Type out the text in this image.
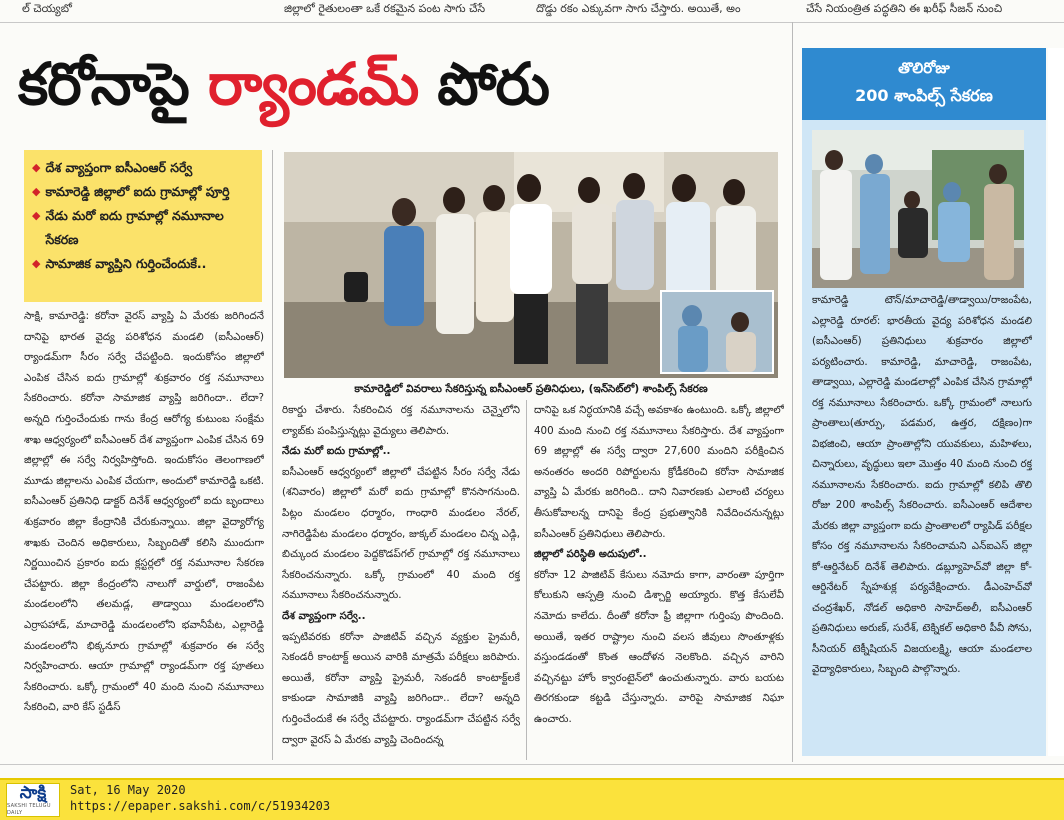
ల్ చెయ్యబో	జిల్లాలో రైతులంతా ఒకే రకమైన పంట సాగు చేసే	దొడ్డు రకం ఎక్కువగా సాగు చేస్తారు. అయితే, అం	చేసే నియంత్రిత పద్ధతిని ఈ ఖరీఫ్ సీజన్ నుంచి
కరోనాపై ర్యాండమ్ పోరు
◆ దేశ వ్యాప్తంగా ఐసీఎంఆర్ సర్వే
◆ కామారెడ్డి జిల్లాలో ఐదు గ్రామాల్లో పూర్తి
◆ నేడు మరో ఐదు గ్రామాల్లో నమూనాల సేకరణ
◆ సామాజిక వ్యాప్తిని గుర్తించేందుకే..
కామారెడ్డిలో వివరాలు సేకరిస్తున్న ఐసీఎంఆర్ ప్రతినిధులు, (ఇన్‌సెట్‌లో) శాంపిల్స్ సేకరణ

సాక్షి, కామారెడ్డి: కరోనా వైరస్ వ్యాప్తి ఏ మేరకు జరిగిందనే దానిపై భారత వైద్య పరిశోధన మండలి (ఐసీఎంఆర్) ర్యాండమ్‌గా సీరం సర్వే చేపట్టింది. ఇందుకోసం జిల్లాలో ఎంపిక చేసిన ఐదు గ్రామాల్లో శుక్రవారం రక్త నమూనాలు సేకరించారు. కరోనా సామాజిక వ్యాప్తి జరిగిందా.. లేదా? అన్నది గుర్తించేందుకు గాను కేంద్ర ఆరోగ్య కుటుంబ సంక్షేమ శాఖ ఆధ్వర్యంలో ఐసీఎంఆర్ దేశ వ్యాప్తంగా ఎంపిక చేసిన 69 జిల్లాల్లో ఈ సర్వే నిర్వహిస్తోంది. ఇందుకోసం తెలంగాణలో మూడు జిల్లాలను ఎంపిక చేయగా, అందులో కామారెడ్డి ఒకటి. ఐసీఎంఆర్ ప్రతినిధి డాక్టర్ దినేశ్ ఆధ్వర్యంలో ఐదు బృందాలు శుక్రవారం జిల్లా కేంద్రానికి చేరుకున్నాయి. జిల్లా వైద్యారోగ్య శాఖకు చెందిన అధికారులు, సిబ్బందితో కలిసి ముందుగా నిర్ణయించిన ప్రకారం ఐదు క్లస్టర్లలో రక్త నమూనాల సేకరణ చేపట్టారు. జిల్లా కేంద్రంలోని నాలుగో వార్డులో, రాజంపేట మండలంలోని తలమడ్ల, తాడ్వాయి మండలంలోని ఎర్రాపహాడ్, మాచారెడ్డి మండలంలోని భవానీపేట, ఎల్లారెడ్డి మండలంలోని భిక్కనూరు గ్రామాల్లో శుక్రవారం ఈ సర్వే నిర్వహించారు. ఆయా గ్రామాల్లో ర్యాండమ్‌గా రక్త పూతలు సేకరించారు. ఒక్కో గ్రామంలో 40 మంది నుంచి నమూనాలు సేకరించి, వారి కేస్ స్టడీస్

రికార్డు చేశారు. సేకరించిన రక్త నమూనాలను చెన్నైలోని ల్యాబ్‌కు పంపిస్తున్నట్లు వైద్యులు తెలిపారు.

నేడు మరో ఐదు గ్రామాల్లో..

ఐసీఎంఆర్ ఆధ్వర్యంలో జిల్లాలో చేపట్టిన సీరం సర్వే నేడు (శనివారం) జిల్లాలో మరో ఐదు గ్రామాల్లో కొనసాగనుంది. పిట్లం మండలం ధర్మారం, గాంధారి మండలం నేరల్, నాగిరెడ్డిపేట మండలం ధర్మారం, జుక్కల్ మండలం చిన్న ఎడ్గి, బిచ్కుంద మండలం పెద్దకొడప్‌గల్ గ్రామాల్లో రక్త నమూనాలు సేకరించనున్నారు. ఒక్కో గ్రామంలో 40 మంది రక్త నమూనాలు సేకరించనున్నారు.

దేశ వ్యాప్తంగా సర్వే..

ఇప్పటివరకు కరోనా పాజిటివ్ వచ్చిన వ్యక్తుల ప్రైమరీ, సెకండరీ కాంటాక్ట్ అయిన వారికి మాత్రమే పరీక్షలు జరిపారు. అయితే, కరోనా వ్యాప్తి ప్రైమరీ, సెకండరీ కాంటాక్ట్‌లకే కాకుండా సామాజికి వ్యాప్తి జరిగిందా.. లేదా? అన్నది గుర్తించేందుకే ఈ సర్వే చేపట్టారు. ర్యాండమ్‌గా చేపట్టిన సర్వే ద్వారా వైరస్ ఏ మేరకు వ్యాప్తి చెందిందన్న

దానిపై ఒక నిర్ధయానికి వచ్చే అవకాశం ఉంటుంది. ఒక్కో జిల్లాలో 400 మంది నుంచి రక్త నమూనాలు సేకరిస్తారు. దేశ వ్యాప్తంగా 69 జిల్లాల్లో ఈ సర్వే ద్వారా 27,600 మందిని పరీక్షించిన అనంతరం అందరి రిపోర్టులను క్రోడీకరించి కరోనా సామాజిక వ్యాప్తి ఏ మేరకు జరిగింది.. దాని నివారణకు ఎలాంటి చర్యలు తీసుకోవాలన్న దానిపై కేంద్ర ప్రభుత్వానికి నివేదించనున్నట్లు ఐసీఎంఆర్ ప్రతినిధులు తెలిపారు.

జిల్లాలో పరిస్థితి అదుపులో..

కరోనా 12 పాజిటివ్ కేసులు నమోదు కాగా, వారంతా పూర్తిగా కోలుకుని ఆస్పత్రి నుంచి డిశ్చార్జి అయ్యారు. కొత్త కేసులేవీ నమోదు కాలేదు. దీంతో కరోనా ఫ్రీ జిల్లాగా గుర్తింపు పొందింది. అయితే, ఇతర రాష్ట్రాల నుంచి వలస జీవులు సొంతూళ్లకు వస్తుండడంతో కొంత ఆందోళన నెలకొంది. వచ్చిన వారిని వచ్చినట్టు హోం క్వారంటైన్‌లో ఉంచుతున్నారు. వారు బయట తిరగకుండా కట్టడి చేస్తున్నారు. వారిపై సామాజిక నిఘా ఉంచారు.

తొలిరోజు
200 శాంపిల్స్ సేకరణ

కామారెడ్డి టౌన్/మాచారెడ్డి/తాడ్వాయి/రాజంపేట, ఎల్లారెడ్డి రూరల్: భారతీయ వైద్య పరిశోధన మండలి (ఐసీఎంఆర్) ప్రతినిధులు శుక్రవారం జిల్లాలో పర్యటించారు. కామారెడ్డి, మాచారెడ్డి, రాజంపేట, తాడ్వాయి, ఎల్లారెడ్డి మండలాల్లో ఎంపిక చేసిన గ్రామాల్లో రక్త నమూనాలు సేకరించారు. ఒక్కో గ్రామంలో నాలుగు ప్రాంతాలు(తూర్పు, పడమర, ఉత్తర, దక్షిణం)గా విభజించి, ఆయా ప్రాంతాల్లోని యువకులు, మహిళలు, చిన్నారులు, వృద్ధులు ఇలా మొత్తం 40 మంది నుంచి రక్త నమూనాలను సేకరించారు. ఐదు గ్రామాల్లో కలిపి తొలి రోజు 200 శాంపిల్స్ సేకరించారు. ఐసీఎంఆర్ ఆదేశాల మేరకు జిల్లా వ్యాప్తంగా ఐదు ప్రాంతాలలో ర్యాపిడ్ పరీక్షల కోసం రక్త నమూనాలను సేకరించామని ఎన్ఐఎస్ జిల్లా కో-ఆర్డినేటర్ దినేశ్ తెలిపారు. డబ్ల్యూహెచ్‌వో జిల్లా కో-ఆర్డినేటర్ స్నేహశుక్ల పర్యవేక్షించారు. డీఎంహెచ్‌వో చంద్రశేఖర్, నోడల్ అధికారి సాహెద్‌అలీ, ఐసీఎంఆర్ ప్రతినిధులు అరుణ్, సురేశ్, టెక్నికల్ అధికారి పీవీ సోను, సీనియర్ టెక్నీషియన్ విజయలక్ష్మి, ఆయా మండలాల వైద్యాధికారులు, సిబ్బంది పాల్గొన్నారు.

సాక్షి
SAKSHI TELUGU DAILY
Sat, 16 May 2020
https://epaper.sakshi.com/c/51934203
